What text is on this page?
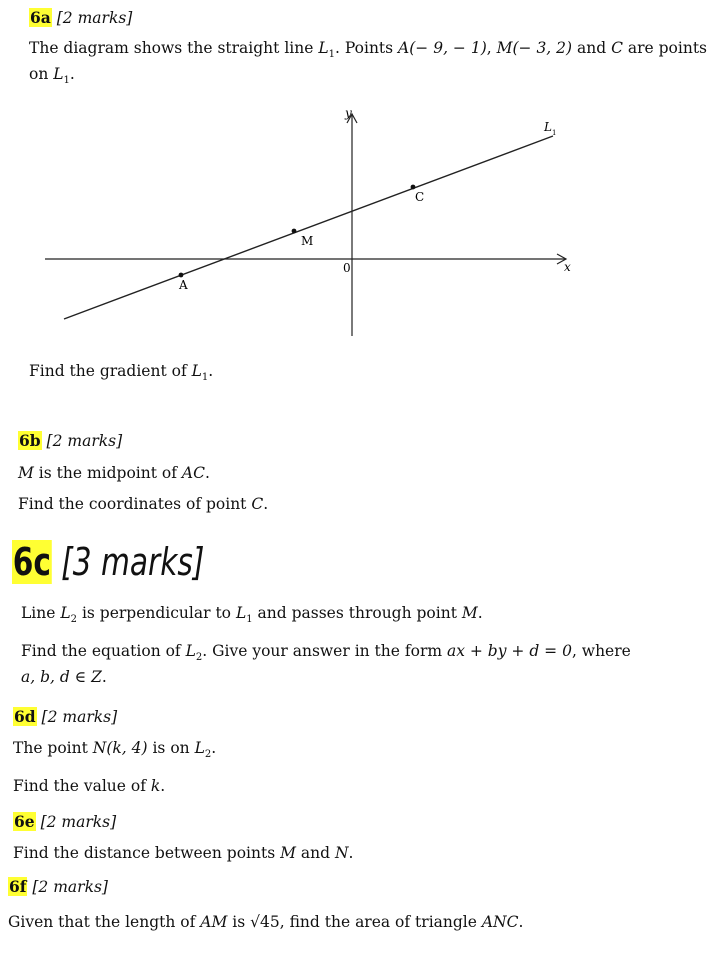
6a [2 marks]
The diagram shows the straight line $L_1$. Points A(− 9, − 1), M(− 3, 2) and C are points
on $L_1$.
A
M
C
0
y
x
L 1
Find the gradient of $L_1$.
6b [2 marks]
M is the midpoint of AC.
Find the coordinates of point C.
6c [3 marks]
Line $L_2$ is perpendicular to $L_1$ and passes through point M.
Find the equation of $L_2$. Give your answer in the form ax + by + d = 0, where
a, b, d ∈ Z.
6d [2 marks]
The point N(k, 4) is on $L_2$.
Find the value of k.
6e [2 marks]
Find the distance between points M and N.
6f [2 marks]
Given that the length of AM is √45, find the area of triangle ANC.
